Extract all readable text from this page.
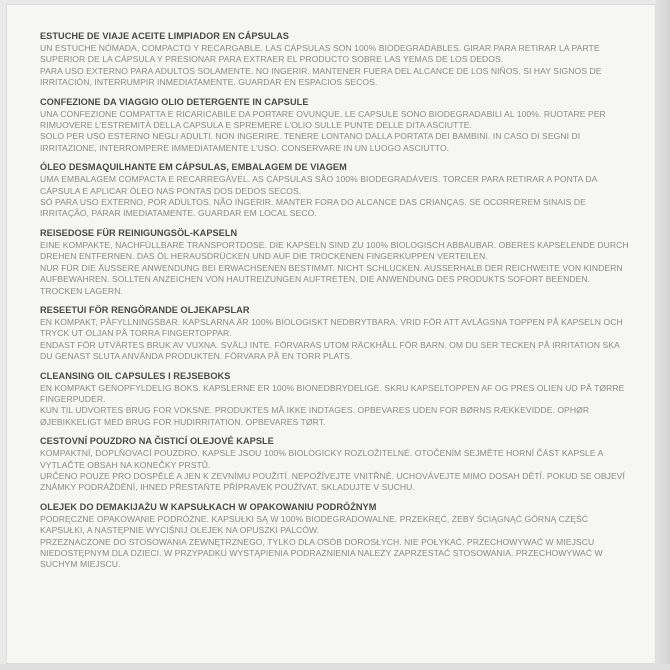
ESTUCHE DE VIAJE ACEITE LIMPIADOR EN CÁPSULAS

UN ESTUCHE NÓMADA, COMPACTO Y RECARGABLE. LAS CÁPSULAS SON 100% BIODEGRADABLES. GIRAR PARA RETIRAR LA PARTE SUPERIOR DE LA CÁPSULA Y PRESIONAR PARA EXTRAER EL PRODUCTO SOBRE LAS YEMAS DE LOS DEDOS.

PARA USO EXTERNO PARA ADULTOS SOLAMENTE. NO INGERIR. MANTENER FUERA DEL ALCANCE DE LOS NIÑOS. SI HAY SIGNOS DE IRRITACIÓN, INTERRUMPIR INMEDIATAMENTE. GUARDAR EN ESPACIOS SECOS.

CONFEZIONE DA VIAGGIO OLIO DETERGENTE IN CAPSULE

UNA CONFEZIONE COMPATTA E RICARICABILE DA PORTARE OVUNQUE. LE CAPSULE SONO BIODEGRADABILI AL 100%. RUOTARE PER RIMUOVERE L'ESTREMITÀ DELLA CAPSULA E SPREMERE L'OLIO SULLE PUNTE DELLE DITA ASCIUTTE.

SOLO PER USO ESTERNO NEGLI ADULTI. NON INGERIRE. TENERE LONTANO DALLA PORTATA DEI BAMBINI. IN CASO DI SEGNI DI IRRITAZIONE, INTERROMPERE IMMEDIATAMENTE L'USO. CONSERVARE IN UN LUOGO ASCIUTTO.

ÓLEO DESMAQUILHANTE EM CÁPSULAS, EMBALAGEM DE VIAGEM

UMA EMBALAGEM COMPACTA E RECARREGÁVEL. AS CÁPSULAS SÃO 100% BIODEGRADÁVEIS. TORCER PARA RETIRAR A PONTA DA CÁPSULA E APLICAR ÓLEO NAS PONTAS DOS DEDOS SECOS.

SÓ PARA USO EXTERNO, POR ADULTOS. NÃO INGERIR. MANTER FORA DO ALCANCE DAS CRIANÇAS. SE OCORREREM SINAIS DE IRRITAÇÃO, PARAR IMEDIATAMENTE. GUARDAR EM LOCAL SECO.

REISEDOSE FÜR REINIGUNGSÖL-KAPSELN

EINE KOMPAKTE, NACHFÜLLBARE TRANSPORTDOSE. DIE KAPSELN SIND ZU 100% BIOLOGISCH ABBAUBAR. OBERES KAPSELENDE DURCH DREHEN ENTFERNEN. DAS ÖL HERAUSDRÜCKEN UND AUF DIE TROCKENEN FINGERKUPPEN VERTEILEN.

NUR FÜR DIE ÄUSSERE ANWENDUNG BEI ERWACHSENEN BESTIMMT. NICHT SCHLUCKEN. AUSSERHALB DER REICHWEITE VON KINDERN AUFBEWAHREN. SOLLTEN ANZEICHEN VON HAUTREIZUNGEN AUFTRETEN, DIE ANWENDUNG DES PRODUKTS SOFORT BEENDEN. TROCKEN LAGERN.

RESEETUI FÖR RENGÖRANDE OLJEKAPSLAR

EN KOMPAKT, PÅFYLLNINGSBAR. KAPSLARNA ÄR 100% BIOLOGISKT NEDBRYTBARA. VRID FÖR ATT AVLÄGSNA TOPPEN PÅ KAPSELN OCH TRYCK UT OLJAN PÅ TORRA FINGERTOPPAR.

ENDAST FÖR UTVÄRTES BRUK AV VUXNA. SVÄLJ INTE. FÖRVARAS UTOM RÄCKHÅLL FÖR BARN. OM DU SER TECKEN PÅ IRRITATION SKA DU GENAST SLUTA ANVÄNDA PRODUKTEN. FÖRVARA PÅ EN TORR PLATS.

CLEANSING OIL CAPSULES I REJSEBOKS

EN KOMPAKT GENOPFYLDELIG BOKS. KAPSLERNE ER 100% BIONEDBRYDELIGE. SKRU KAPSELTOPPEN AF OG PRES OLIEN UD PÅ TØRRE FINGERPUDER.

KUN TIL UDVORTES BRUG FOR VOKSNE. PRODUKTES MÅ IKKE INDTAGES. OPBEVARES UDEN FOR BØRNS RÆKKEVIDDE. OPHØR ØJEBIKKELIGT MED BRUG FOR HUDIRRITATION. OPBEVARES TØRT.

CESTOVNÍ POUZDRO NA ČISTICÍ OLEJOVÉ KAPSLE

KOMPAKTNÍ, DOPLŇOVACÍ POUZDRO. KAPSLE JSOU 100% BIOLOGICKY ROZLOŽITELNÉ. OTOČENÍM SEJMĚTE HORNÍ ČÁST KAPSLE A VYTLAČTE OBSAH NA KONEČKY PRSTŮ.

URČENO POUZE PRO DOSPĚLÉ A JEN K ZEVNÍMU POUŽITÍ. NEPOŽÍVEJTE VNITŘNĚ. UCHOVÁVEJTE MIMO DOSAH DĚTÍ. POKUD SE OBJEVÍ ZNÁMKY PODRÁŽDĚNÍ, IHNED PŘESTAŇTE PŘÍPRAVEK POUŽÍVAT. SKLADUJTE V SUCHU.

OLEJEK DO DEMAKIJAŻU W KAPSUŁKACH W OPAKOWANIU PODRÓŻNYM

PODRĘCZNE OPAKOWANIE PODRÓŻNE. KAPSUŁKI SĄ W 100% BIODEGRADOWALNE. PRZEKRĘĆ, ŻEBY ŚCIĄGNĄĆ GÓRNĄ CZĘŚĆ KAPSUŁKI, A NASTĘPNIE WYCIŚNIJ OLEJEK NA OPUSZKI PALCÓW.

PRZEZNACZONE DO STOSOWANIA ZEWNĘTRZNEGO, TYLKO DLA OSÓB DOROSŁYCH. NIE POŁYKAĆ. PRZECHOWYWAĆ W MIEJSCU NIEDOSTĘPNYM DLA DZIECI. W PRZYPADKU WYSTĄPIENIA PODRAŻNIENIA NALEŻY ZAPRZESTAĆ STOSOWANIA. PRZECHOWYWAĆ W SUCHYM MIEJSCU.
